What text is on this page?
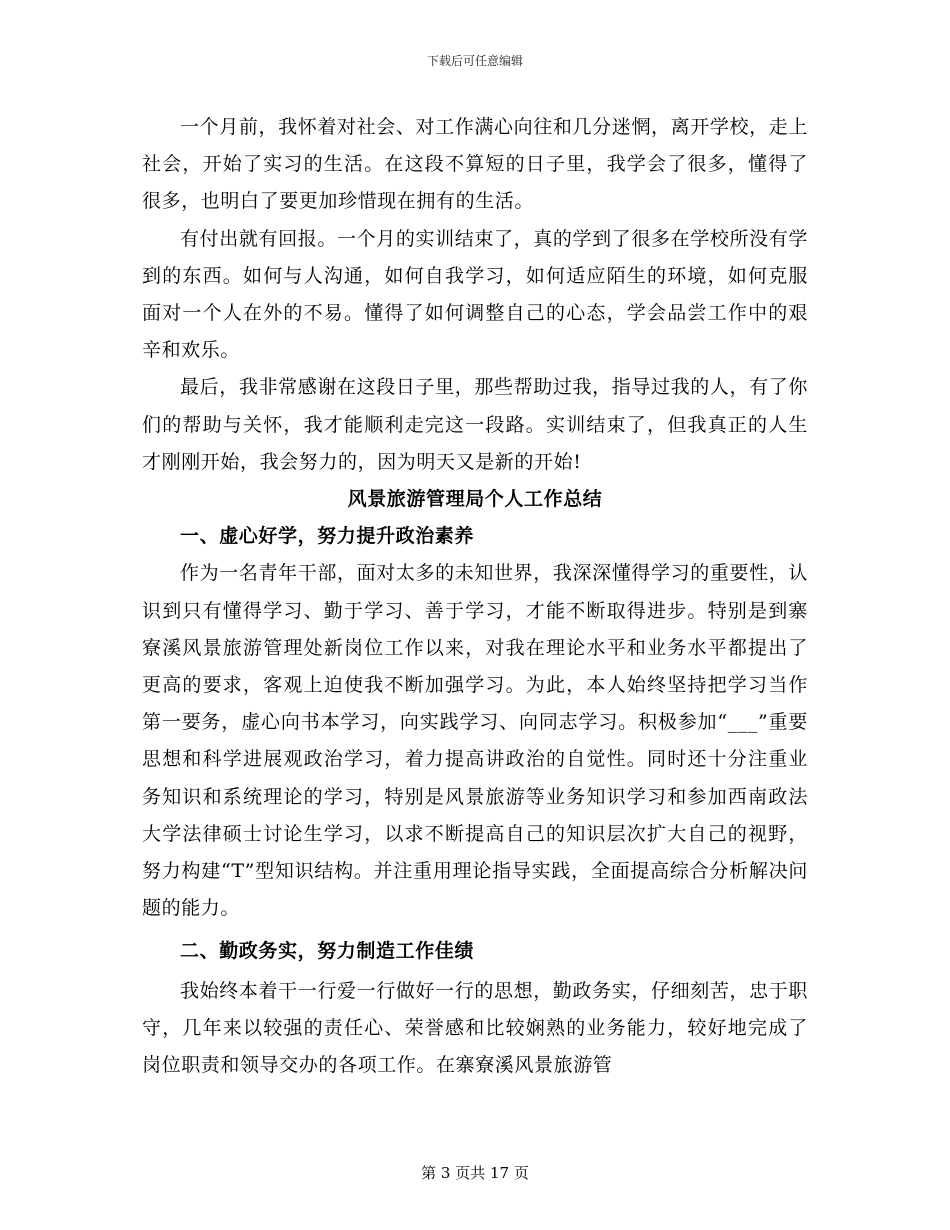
下载后可任意编辑

一个月前，我怀着对社会、对工作满心向往和几分迷惘，离开学校，走上社会，开始了实习的生活。在这段不算短的日子里，我学会了很多，懂得了很多，也明白了要更加珍惜现在拥有的生活。

有付出就有回报。一个月的实训结束了，真的学到了很多在学校所没有学到的东西。如何与人沟通，如何自我学习，如何适应陌生的环境，如何克服面对一个人在外的不易。懂得了如何调整自己的心态，学会品尝工作中的艰辛和欢乐。

最后，我非常感谢在这段日子里，那些帮助过我，指导过我的人，有了你们的帮助与关怀，我才能顺利走完这一段路。实训结束了，但我真正的人生才刚刚开始，我会努力的，因为明天又是新的开始!

风景旅游管理局个人工作总结

一、虚心好学，努力提升政治素养

作为一名青年干部，面对太多的未知世界，我深深懂得学习的重要性，认识到只有懂得学习、勤于学习、善于学习，才能不断取得进步。特别是到寨寮溪风景旅游管理处新岗位工作以来，对我在理论水平和业务水平都提出了更高的要求，客观上迫使我不断加强学习。为此，本人始终坚持把学习当作第一要务，虚心向书本学习，向实践学习、向同志学习。积极参加“___”重要思想和科学进展观政治学习，着力提高讲政治的自觉性。同时还十分注重业务知识和系统理论的学习，特别是风景旅游等业务知识学习和参加西南政法大学法律硕士讨论生学习，以求不断提高自己的知识层次扩大自己的视野，努力构建“T”型知识结构。并注重用理论指导实践，全面提高综合分析解决问题的能力。

二、勤政务实，努力制造工作佳绩

我始终本着干一行爱一行做好一行的思想，勤政务实，仔细刻苦，忠于职守，几年来以较强的责任心、荣誉感和比较娴熟的业务能力，较好地完成了岗位职责和领导交办的各项工作。在寨寮溪风景旅游管

第 3 页共 17 页
